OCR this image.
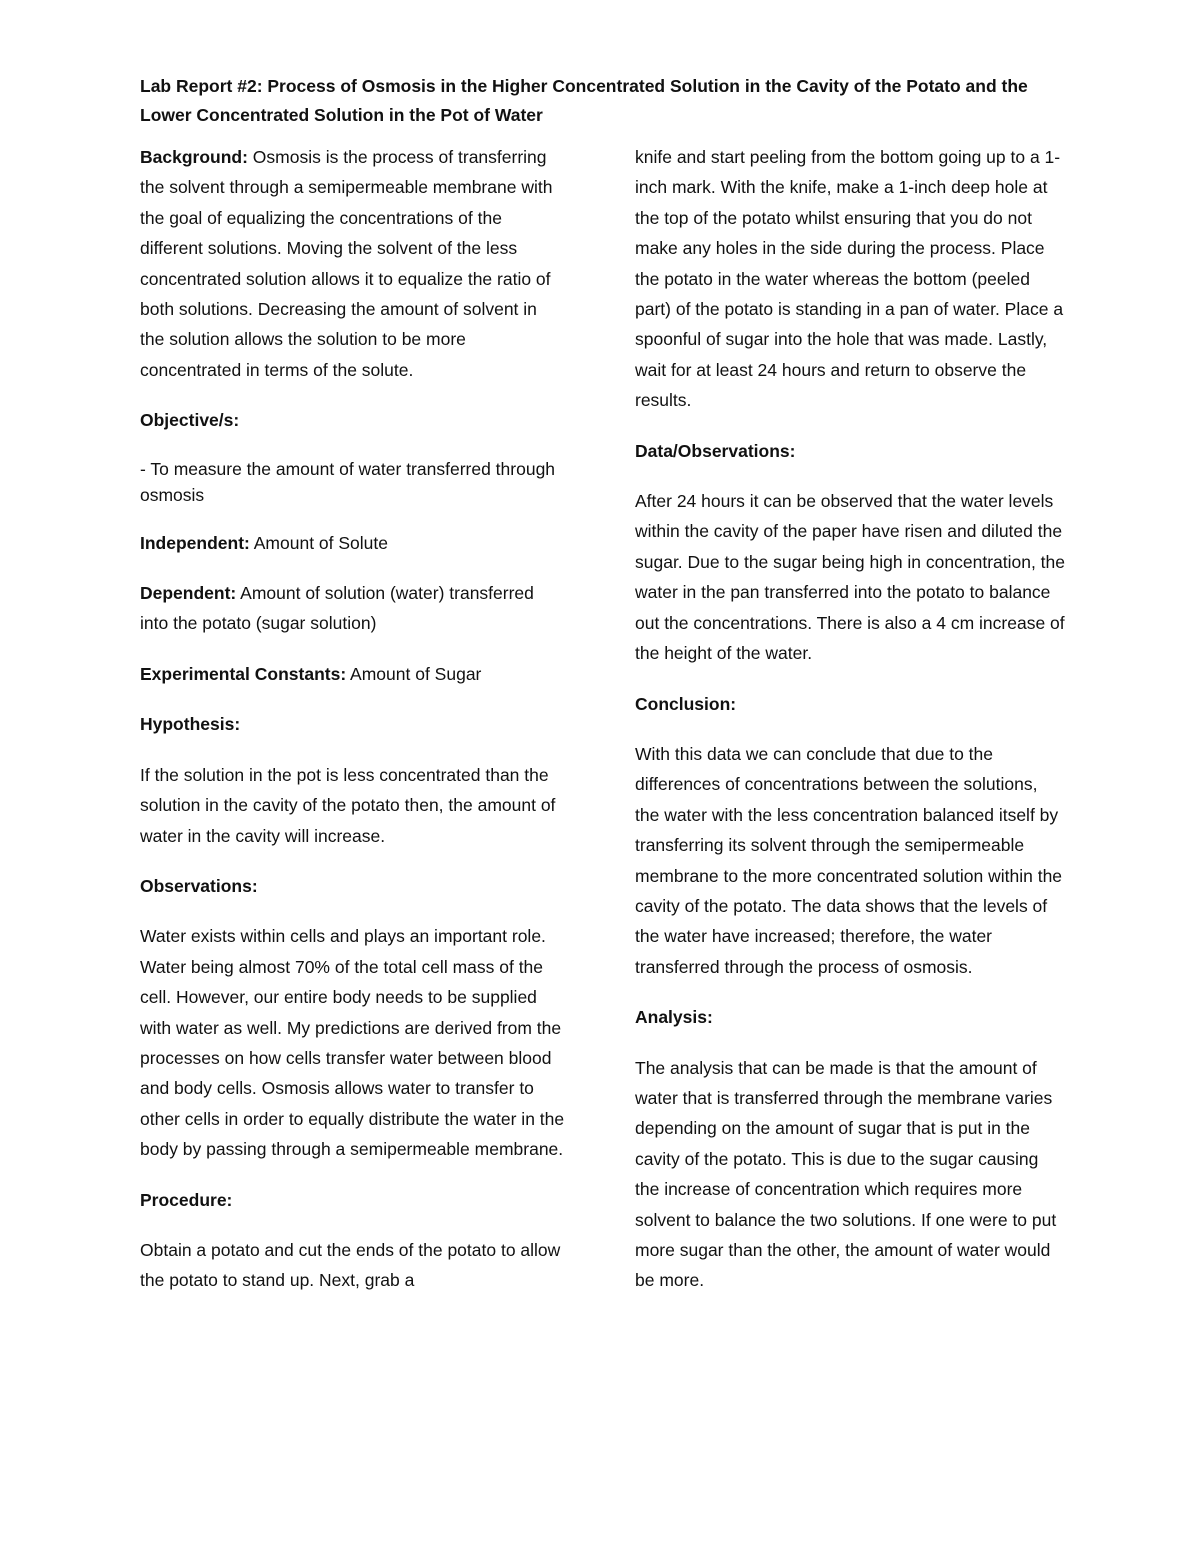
Lab Report #2: Process of Osmosis in the Higher Concentrated Solution in the Cavity of the Potato and the Lower Concentrated Solution in the Pot of Water

Background: Osmosis is the process of transferring the solvent through a semipermeable membrane with the goal of equalizing the concentrations of the different solutions. Moving the solvent of the less concentrated solution allows it to equalize the ratio of both solutions. Decreasing the amount of solvent in the solution allows the solution to be more concentrated in terms of the solute.

Objective/s:

- To measure the amount of water transferred through osmosis

Independent: Amount of Solute

Dependent: Amount of solution (water) transferred into the potato (sugar solution)

Experimental Constants: Amount of Sugar

Hypothesis:

If the solution in the pot is less concentrated than the solution in the cavity of the potato then, the amount of water in the cavity will increase.

Observations:

Water exists within cells and plays an important role. Water being almost 70% of the total cell mass of the cell. However, our entire body needs to be supplied with water as well. My predictions are derived from the processes on how cells transfer water between blood and body cells. Osmosis allows water to transfer to other cells in order to equally distribute the water in the body by passing through a semipermeable membrane.

Procedure:

Obtain a potato and cut the ends of the potato to allow the potato to stand up. Next, grab a

knife and start peeling from the bottom going up to a 1-inch mark. With the knife, make a 1-inch deep hole at the top of the potato whilst ensuring that you do not make any holes in the side during the process. Place the potato in the water whereas the bottom (peeled part) of the potato is standing in a pan of water. Place a spoonful of sugar into the hole that was made. Lastly, wait for at least 24 hours and return to observe the results.

Data/Observations:

After 24 hours it can be observed that the water levels within the cavity of the paper have risen and diluted the sugar. Due to the sugar being high in concentration, the water in the pan transferred into the potato to balance out the concentrations. There is also a 4 cm increase of the height of the water.

Conclusion:

With this data we can conclude that due to the differences of concentrations between the solutions, the water with the less concentration balanced itself by transferring its solvent through the semipermeable membrane to the more concentrated solution within the cavity of the potato. The data shows that the levels of the water have increased; therefore, the water transferred through the process of osmosis.

Analysis:

The analysis that can be made is that the amount of water that is transferred through the membrane varies depending on the amount of sugar that is put in the cavity of the potato. This is due to the sugar causing the increase of concentration which requires more solvent to balance the two solutions. If one were to put more sugar than the other, the amount of water would be more.
